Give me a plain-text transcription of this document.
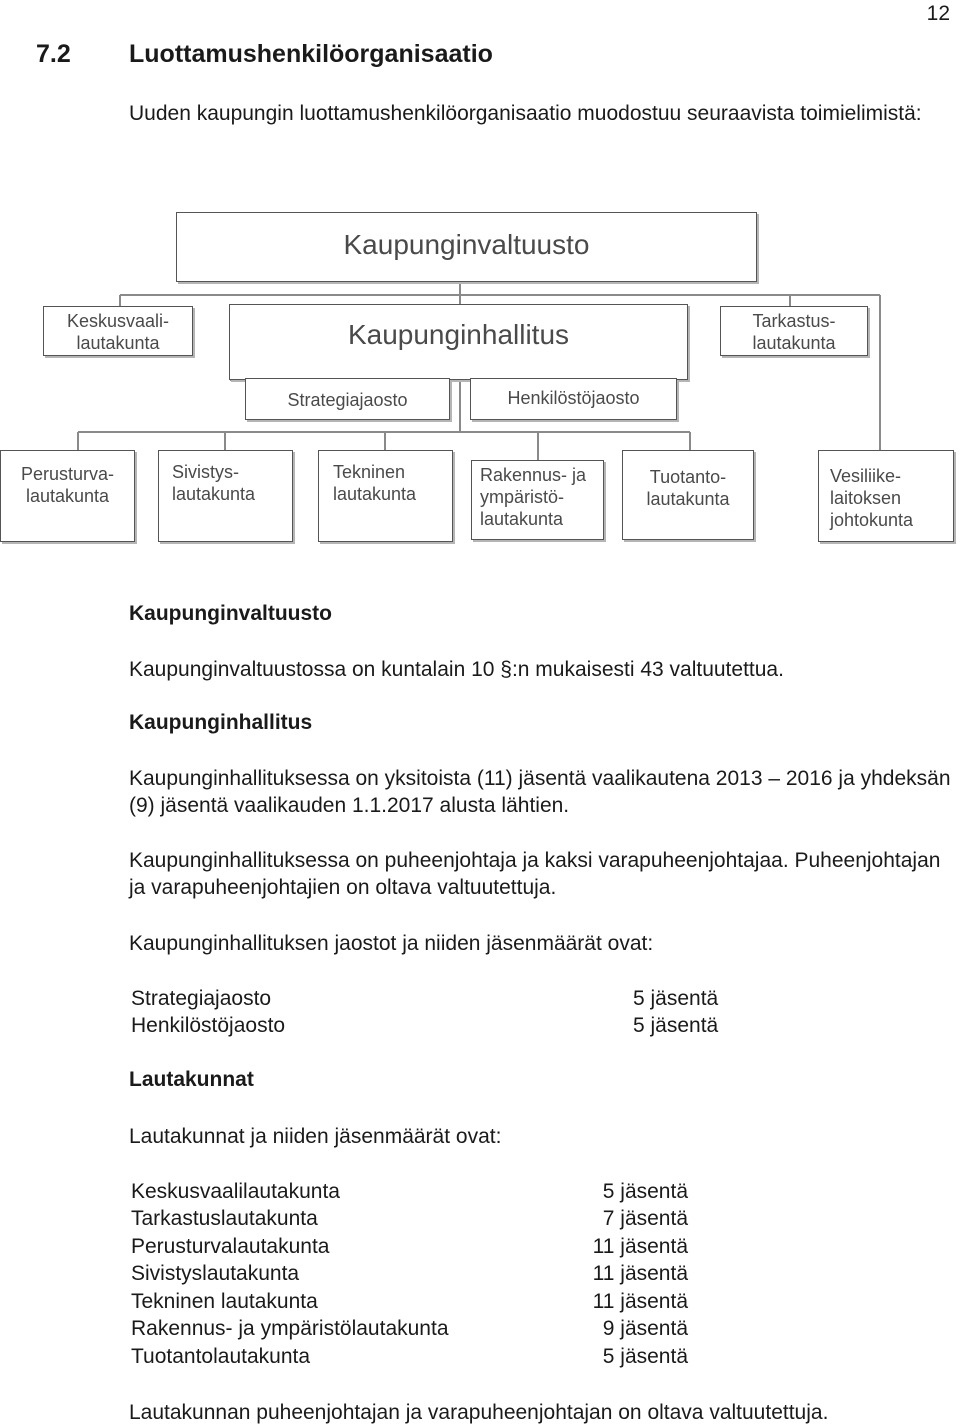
12
7.2 Luottamushenkilöorganisaatio
Uuden kaupungin luottamushenkilöorganisaatio muodostuu seuraavista toimielimistä:
Kaupunginvaltuusto
Keskusvaali-
lautakunta	Kaupunginhallitus	Tarkastus-
lautakunta
Strategiajaosto	Henkilöstöjaosto
Perusturva-
lautakunta
Sivistys-
lautakunta
Tekninen
lautakunta
Rakennus- ja
ympäristö-
lautakunta
Tuotanto-
lautakunta
Vesiliike-
laitoksen
johtokunta
Kaupunginvaltuusto
Kaupunginvaltuustossa on kuntalain 10 §:n mukaisesti 43 valtuutettua.
Kaupunginhallitus
Kaupunginhallituksessa on yksitoista (11) jäsentä vaalikautena 2013 – 2016 ja yhdeksän (9) jäsentä vaalikauden 1.1.2017 alusta lähtien.
Kaupunginhallituksessa on puheenjohtaja ja kaksi varapuheenjohtajaa. Puheenjohtajan ja varapuheenjohtajien on oltava valtuutettuja.
Kaupunginhallituksen jaostot ja niiden jäsenmäärät ovat:
Strategiajaosto	5 jäsentä
Henkilöstöjaosto	5 jäsentä
Lautakunnat
Lautakunnat ja niiden jäsenmäärät ovat:
Keskusvaalilautakunta	5 jäsentä
Tarkastuslautakunta	7 jäsentä
Perusturvalautakunta	11 jäsentä
Sivistyslautakunta	11 jäsentä
Tekninen lautakunta	11 jäsentä
Rakennus- ja ympäristölautakunta	9 jäsentä
Tuotantolautakunta	5 jäsentä
Lautakunnan puheenjohtajan ja varapuheenjohtajan on oltava valtuutettuja.
